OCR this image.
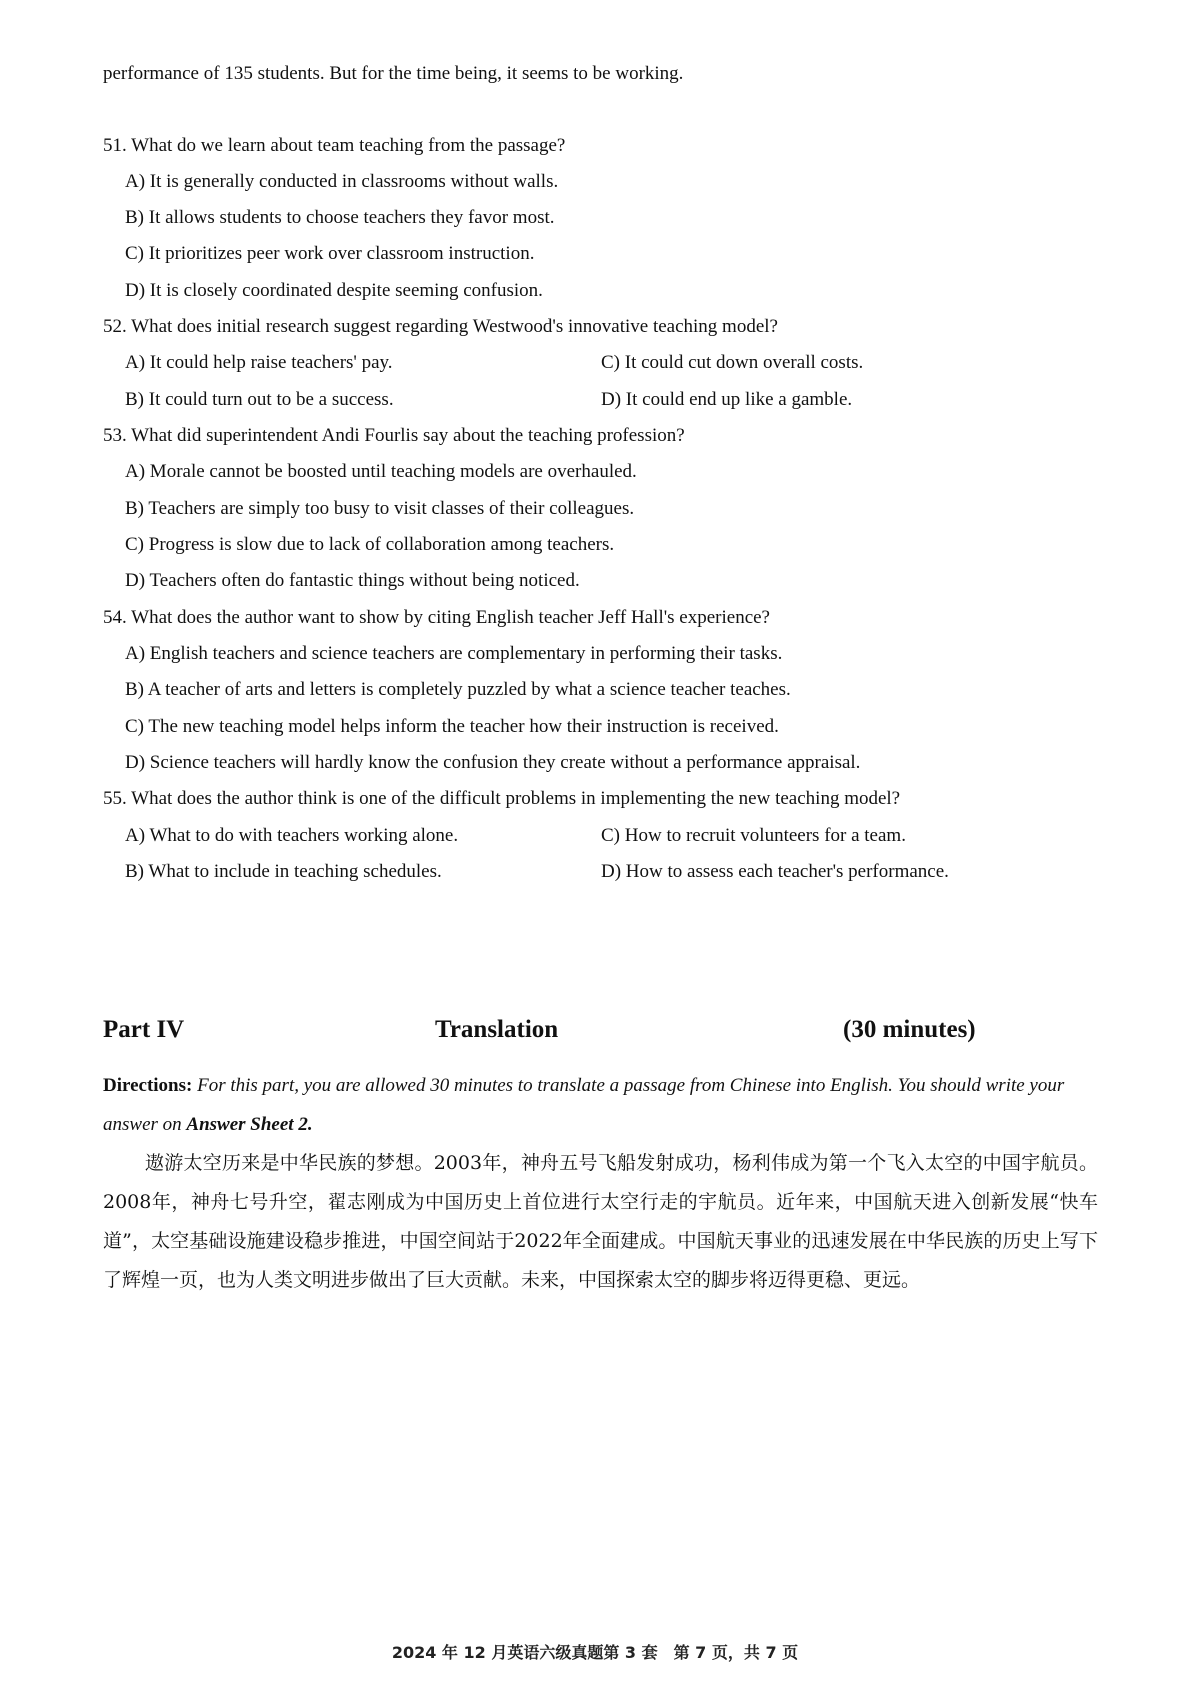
performance of 135 students. But for the time being, it seems to be working.
51. What do we learn about team teaching from the passage?
A) It is generally conducted in classrooms without walls.
B) It allows students to choose teachers they favor most.
C) It prioritizes peer work over classroom instruction.
D) It is closely coordinated despite seeming confusion.
52. What does initial research suggest regarding Westwood's innovative teaching model?
A) It could help raise teachers' pay.	C) It could cut down overall costs.
B) It could turn out to be a success.	D) It could end up like a gamble.
53. What did superintendent Andi Fourlis say about the teaching profession?
A) Morale cannot be boosted until teaching models are overhauled.
B) Teachers are simply too busy to visit classes of their colleagues.
C) Progress is slow due to lack of collaboration among teachers.
D) Teachers often do fantastic things without being noticed.
54. What does the author want to show by citing English teacher Jeff Hall's experience?
A) English teachers and science teachers are complementary in performing their tasks.
B) A teacher of arts and letters is completely puzzled by what a science teacher teaches.
C) The new teaching model helps inform the teacher how their instruction is received.
D) Science teachers will hardly know the confusion they create without a performance appraisal.
55. What does the author think is one of the difficult problems in implementing the new teaching model?
A) What to do with teachers working alone.	C) How to recruit volunteers for a team.
B) What to include in teaching schedules.	D) How to assess each teacher's performance.
Part IV	Translation	(30 minutes)
Directions: For this part, you are allowed 30 minutes to translate a passage from Chinese into English. You should write your answer on Answer Sheet 2.
遨游太空历来是中华民族的梦想。2003年，神舟五号飞船发射成功，杨利伟成为第一个飞入太空的中国宇航员。2008年，神舟七号升空，翟志刚成为中国历史上首位进行太空行走的宇航员。近年来，中国航天进入创新发展“快车道”，太空基础设施建设稳步推进，中国空间站于2022年全面建成。中国航天事业的迅速发展在中华民族的历史上写下了辉煌一页，也为人类文明进步做出了巨大贡献。未来，中国探索太空的脚步将迈得更稳、更远。
2024 年 12 月英语六级真题第 3 套　第 7 页，共 7 页
